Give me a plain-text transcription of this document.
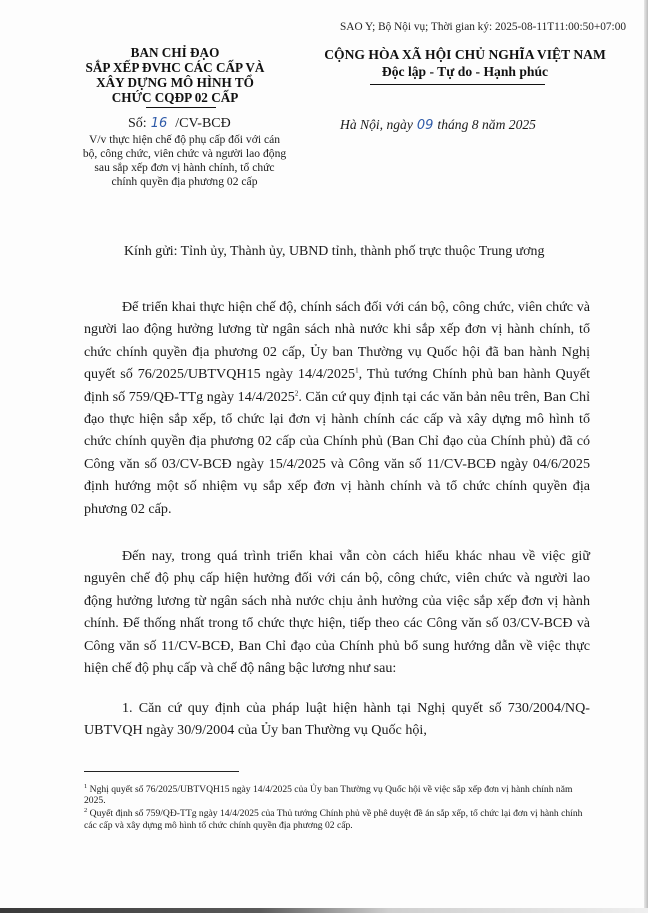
SAO Y; Bộ Nội vụ; Thời gian ký: 2025-08-11T11:00:50+07:00
BAN CHỈ ĐẠO
SẮP XẾP ĐVHC CÁC CẤP VÀ
XÂY DỰNG MÔ HÌNH TỔ
CHỨC CQĐP 02 CẤP
CỘNG HÒA XÃ HỘI CHỦ NGHĨA VIỆT NAM
Độc lập - Tự do - Hạnh phúc
Số: 16 /CV-BCĐ
V/v thực hiện chế độ phụ cấp đối với cán bộ, công chức, viên chức và người lao động sau sắp xếp đơn vị hành chính, tổ chức chính quyền địa phương 02 cấp
Hà Nội, ngày 09 tháng 8 năm 2025
Kính gửi: Tỉnh ủy, Thành ủy, UBND tỉnh, thành phố trực thuộc Trung ương

Để triển khai thực hiện chế độ, chính sách đối với cán bộ, công chức, viên chức và người lao động hưởng lương từ ngân sách nhà nước khi sắp xếp đơn vị hành chính, tổ chức chính quyền địa phương 02 cấp, Ủy ban Thường vụ Quốc hội đã ban hành Nghị quyết số 76/2025/UBTVQH15 ngày 14/4/2025$^1$, Thủ tướng Chính phủ ban hành Quyết định số 759/QĐ-TTg ngày 14/4/2025$^2$. Căn cứ quy định tại các văn bản nêu trên, Ban Chỉ đạo thực hiện sắp xếp, tổ chức lại đơn vị hành chính các cấp và xây dựng mô hình tổ chức chính quyền địa phương 02 cấp của Chính phủ (Ban Chỉ đạo của Chính phủ) đã có Công văn số 03/CV-BCĐ ngày 15/4/2025 và Công văn số 11/CV-BCĐ ngày 04/6/2025 định hướng một số nhiệm vụ sắp xếp đơn vị hành chính và tổ chức chính quyền địa phương 02 cấp.

Đến nay, trong quá trình triển khai vẫn còn cách hiểu khác nhau về việc giữ nguyên chế độ phụ cấp hiện hưởng đối với cán bộ, công chức, viên chức và người lao động hưởng lương từ ngân sách nhà nước chịu ảnh hưởng của việc sắp xếp đơn vị hành chính. Để thống nhất trong tổ chức thực hiện, tiếp theo các Công văn số 03/CV-BCĐ và Công văn số 11/CV-BCĐ, Ban Chỉ đạo của Chính phủ bổ sung hướng dẫn về việc thực hiện chế độ phụ cấp và chế độ nâng bậc lương như sau:

1. Căn cứ quy định của pháp luật hiện hành tại Nghị quyết số 730/2004/NQ-UBTVQH ngày 30/9/2004 của Ủy ban Thường vụ Quốc hội,

$^1$ Nghị quyết số 76/2025/UBTVQH15 ngày 14/4/2025 của Ủy ban Thường vụ Quốc hội về việc sắp xếp đơn vị hành chính năm 2025.

$^2$ Quyết định số 759/QĐ-TTg ngày 14/4/2025 của Thủ tướng Chính phủ về phê duyệt đề án sắp xếp, tổ chức lại đơn vị hành chính các cấp và xây dựng mô hình tổ chức chính quyền địa phương 02 cấp.
